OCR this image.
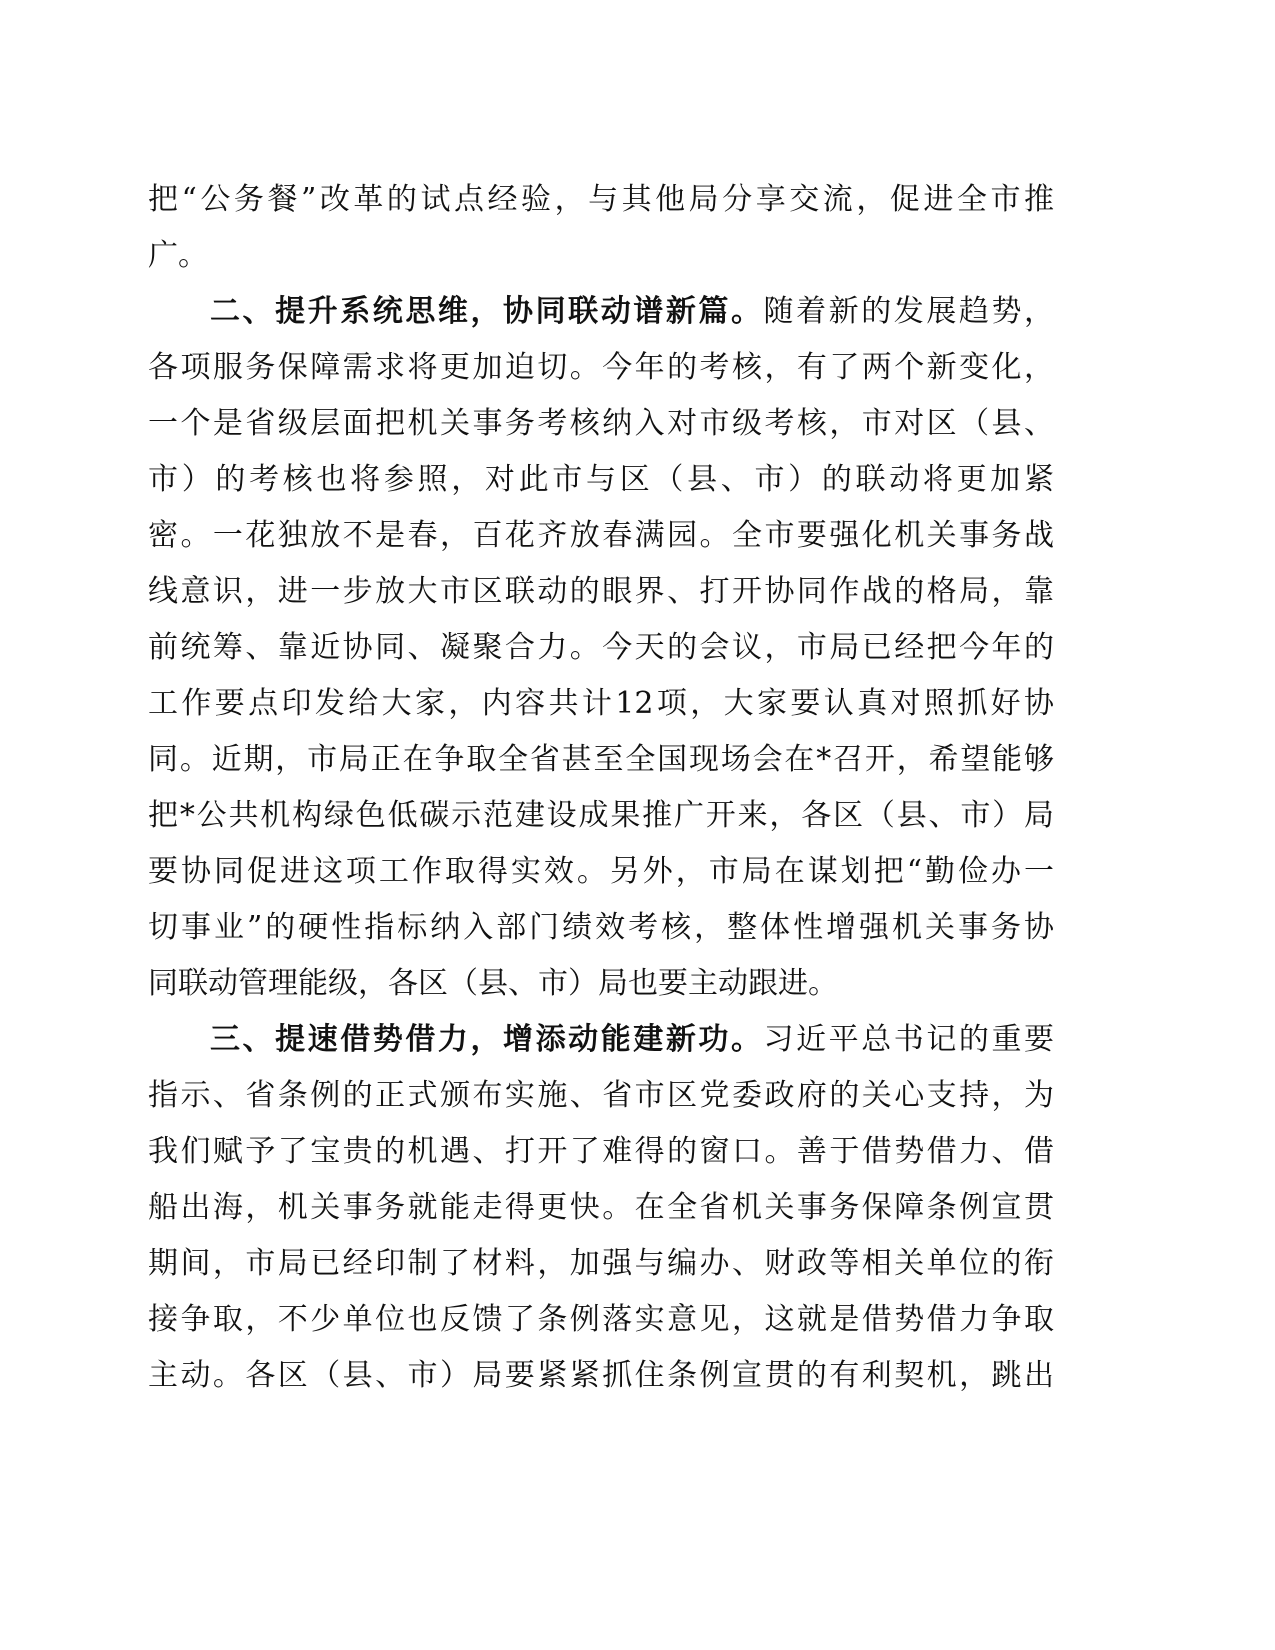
把“公务餐”改革的试点经验，与其他局分享交流，促进全市推
广。
二、提升系统思维，协同联动谱新篇。随着新的发展趋势，
各项服务保障需求将更加迫切。今年的考核，有了两个新变化，
一个是省级层面把机关事务考核纳入对市级考核，市对区（县、
市）的考核也将参照，对此市与区（县、市）的联动将更加紧
密。一花独放不是春，百花齐放春满园。全市要强化机关事务战
线意识，进一步放大市区联动的眼界、打开协同作战的格局，靠
前统筹、靠近协同、凝聚合力。今天的会议，市局已经把今年的
工作要点印发给大家，内容共计12项，大家要认真对照抓好协
同。近期，市局正在争取全省甚至全国现场会在*召开，希望能够
把*公共机构绿色低碳示范建设成果推广开来，各区（县、市）局
要协同促进这项工作取得实效。另外，市局在谋划把“勤俭办一
切事业”的硬性指标纳入部门绩效考核，整体性增强机关事务协
同联动管理能级，各区（县、市）局也要主动跟进。
三、提速借势借力，增添动能建新功。习近平总书记的重要
指示、省条例的正式颁布实施、省市区党委政府的关心支持，为
我们赋予了宝贵的机遇、打开了难得的窗口。善于借势借力、借
船出海，机关事务就能走得更快。在全省机关事务保障条例宣贯
期间，市局已经印制了材料，加强与编办、财政等相关单位的衔
接争取，不少单位也反馈了条例落实意见，这就是借势借力争取
主动。各区（县、市）局要紧紧抓住条例宣贯的有利契机，跳出
